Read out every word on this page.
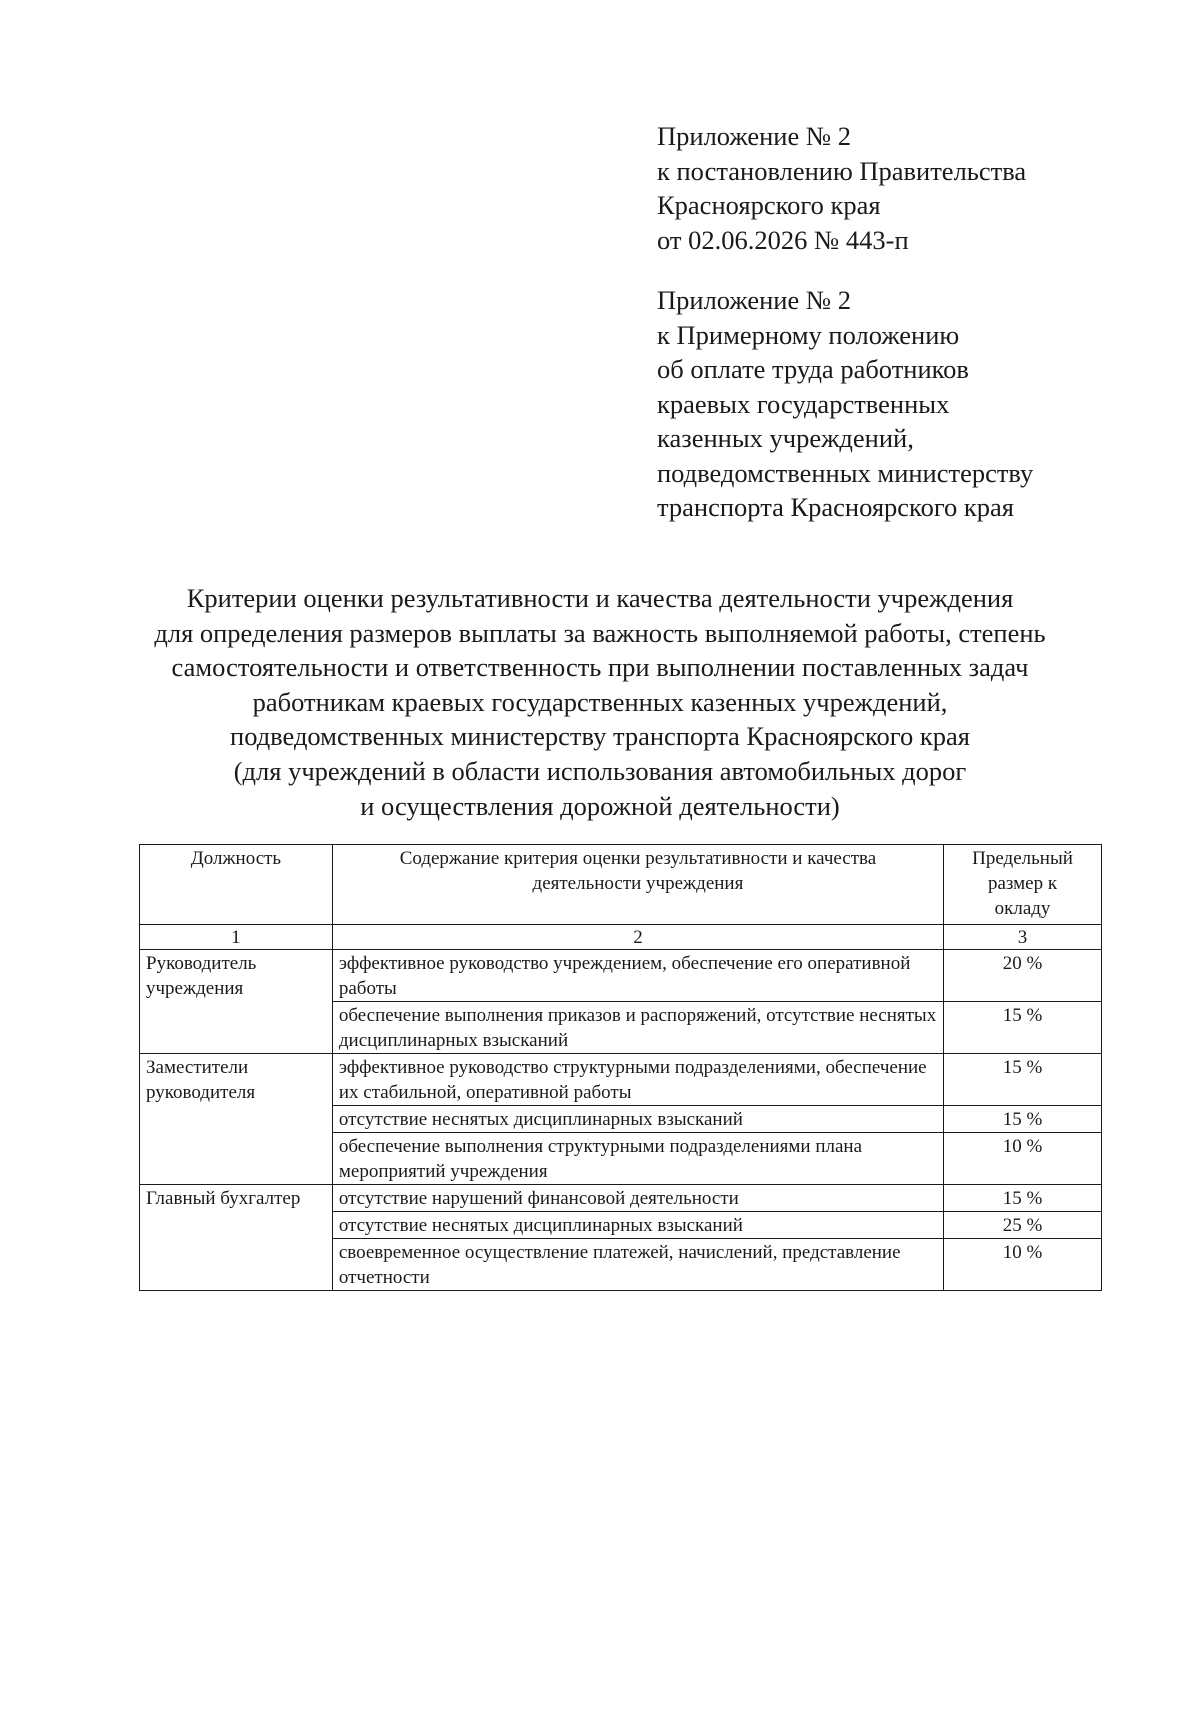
Приложение № 2
к постановлению Правительства
Красноярского края
от 02.06.2026 № 443-п
Приложение № 2
к Примерному положению
об оплате труда работников
краевых государственных
казенных учреждений,
подведомственных министерству
транспорта Красноярского края
Критерии оценки результативности и качества деятельности учреждения
для определения размеров выплаты за важность выполняемой работы, степень
самостоятельности и ответственность при выполнении поставленных задач
работникам краевых государственных казенных учреждений,
подведомственных министерству транспорта Красноярского края
(для учреждений в области использования автомобильных дорог
и осуществления дорожной деятельности)
Должность	Содержание критерия оценки результативности и качества деятельности учреждения	Предельный размер к окладу
1	2	3
Руководитель учреждения	эффективное руководство учреждением, обеспечение его оперативной работы	20 %
	обеспечение выполнения приказов и распоряжений, отсутствие неснятых дисциплинарных взысканий	15 %
Заместители руководителя	эффективное руководство структурными подразделениями, обеспечение их стабильной, оперативной работы	15 %
	отсутствие неснятых дисциплинарных взысканий	15 %
	обеспечение выполнения структурными подразделениями плана мероприятий учреждения	10 %
Главный бухгалтер	отсутствие нарушений финансовой деятельности	15 %
	отсутствие неснятых дисциплинарных взысканий	25 %
	своевременное осуществление платежей, начислений, представление отчетности	10 %
